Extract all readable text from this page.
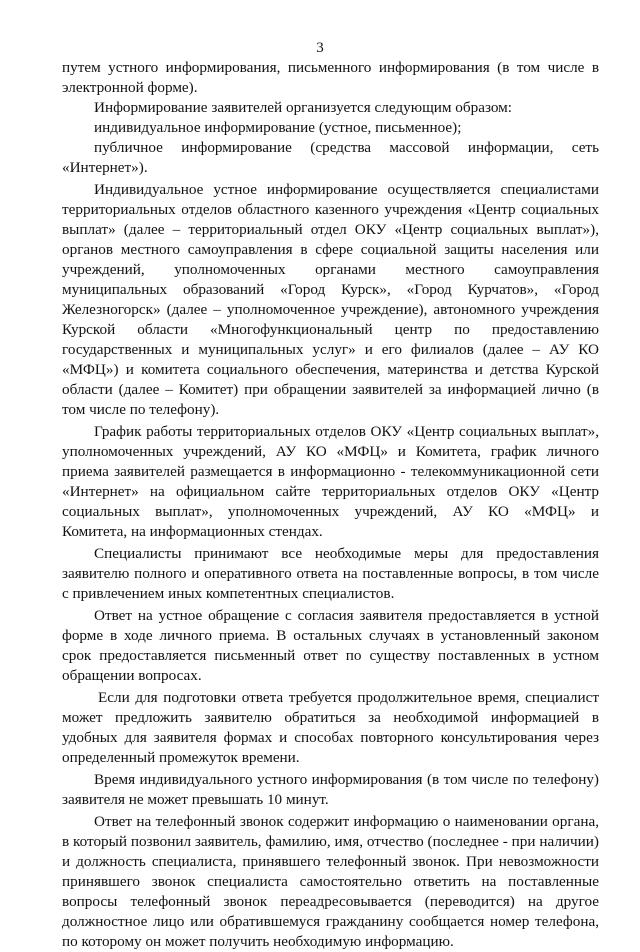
3
путем устного информирования, письменного информирования (в том числе в
электронной форме).
Информирование заявителей организуется следующим образом:
индивидуальное информирование (устное, письменное);
публичное информирование (средства массовой информации, сеть
«Интернет»).
Индивидуальное устное информирование осуществляется специалистами
территориальных отделов областного казенного учреждения «Центр социальных
выплат» (далее – территориальный отдел ОКУ «Центр социальных выплат»),
органов местного самоуправления в сфере социальной защиты населения или
учреждений, уполномоченных органами местного самоуправления
муниципальных образований «Город Курск», «Город Курчатов», «Город
Железногорск» (далее – уполномоченное учреждение), автономного учреждения
Курской области «Многофункциональный центр по предоставлению
государственных и муниципальных услуг» и его филиалов (далее – АУ КО
«МФЦ») и комитета социального обеспечения, материнства и детства Курской
области (далее – Комитет) при обращении заявителей за информацией лично (в
том числе по телефону).
График работы территориальных отделов ОКУ «Центр социальных выплат»,
уполномоченных учреждений, АУ КО «МФЦ» и Комитета, график личного
приема заявителей размещается в информационно - телекоммуникационной сети
«Интернет» на официальном сайте территориальных отделов ОКУ «Центр
социальных выплат», уполномоченных учреждений, АУ КО «МФЦ» и
Комитета, на информационных стендах.
Специалисты принимают все необходимые меры для предоставления
заявителю полного и оперативного ответа на поставленные вопросы, в том числе
с привлечением иных компетентных специалистов.
Ответ на устное обращение с согласия заявителя предоставляется в устной
форме в ходе личного приема. В остальных случаях в установленный законом
срок предоставляется письменный ответ по существу поставленных в устном
обращении вопросах.
Если для подготовки ответа требуется продолжительное время, специалист
может предложить заявителю обратиться за необходимой информацией в
удобных для заявителя формах и способах повторного консультирования через
определенный промежуток времени.
Время индивидуального устного информирования (в том числе по телефону)
заявителя не может превышать 10 минут.
Ответ на телефонный звонок содержит информацию о наименовании органа,
в который позвонил заявитель, фамилию, имя, отчество (последнее - при наличии)
и должность специалиста, принявшего телефонный звонок. При невозможности
принявшего звонок специалиста самостоятельно ответить на поставленные
вопросы телефонный звонок переадресовывается (переводится) на другое
должностное лицо или обратившемуся гражданину сообщается номер телефона,
по которому он может получить необходимую информацию.
